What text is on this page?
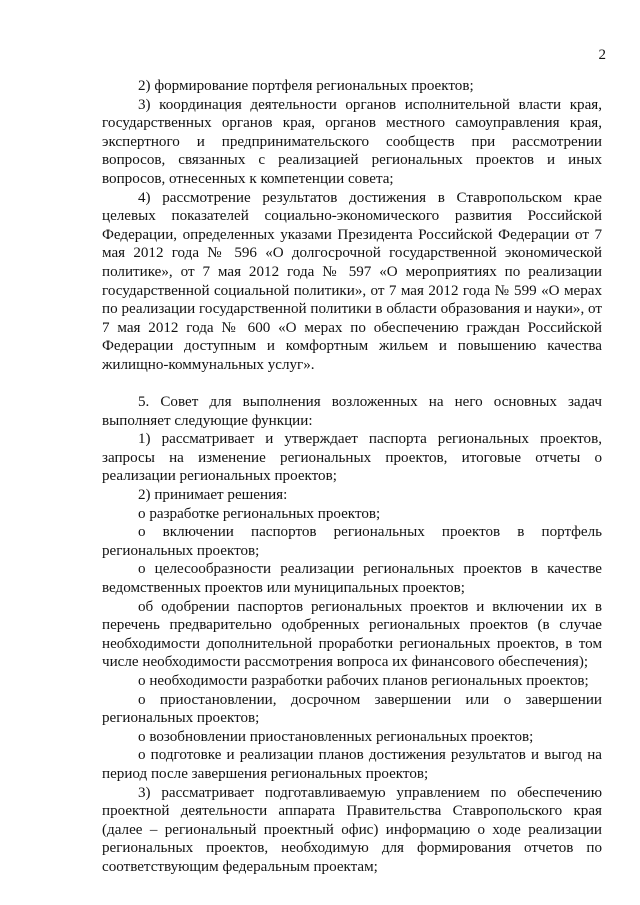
2

2) формирование портфеля региональных проектов;

3) координация деятельности органов исполнительной власти края, государственных органов края, органов местного самоуправления края, экспертного и предпринимательского сообществ при рассмотрении вопросов, связанных с реализацией региональных проектов и иных вопросов, отнесенных к компетенции совета;

4) рассмотрение результатов достижения в Ставропольском крае целевых показателей социально-экономического развития Российской Федерации, определенных указами Президента Российской Федерации от 7 мая 2012 года № 596 «О долгосрочной государственной экономической политике», от 7 мая 2012 года № 597 «О мероприятиях по реализации государственной социальной политики», от 7 мая 2012 года № 599 «О мерах по реализации государственной политики в области образования и науки», от 7 мая 2012 года № 600 «О мерах по обеспечению граждан Российской Федерации доступным и комфортным жильем и повышению качества жилищно-коммунальных услуг».

5. Совет для выполнения возложенных на него основных задач выполняет следующие функции:

1) рассматривает и утверждает паспорта региональных проектов, запросы на изменение региональных проектов, итоговые отчеты о реализации региональных проектов;

2) принимает решения:

о разработке региональных проектов;

о включении паспортов региональных проектов в портфель региональных проектов;

о целесообразности реализации региональных проектов в качестве ведомственных проектов или муниципальных проектов;

об одобрении паспортов региональных проектов и включении их в перечень предварительно одобренных региональных проектов (в случае необходимости дополнительной проработки региональных проектов, в том числе необходимости рассмотрения вопроса их финансового обеспечения);

о необходимости разработки рабочих планов региональных проектов;

о приостановлении, досрочном завершении или о завершении региональных проектов;

о возобновлении приостановленных региональных проектов;

о подготовке и реализации планов достижения результатов и выгод на период после завершения региональных проектов;

3) рассматривает подготавливаемую управлением по обеспечению проектной деятельности аппарата Правительства Ставропольского края (далее – региональный проектный офис) информацию о ходе реализации региональных проектов, необходимую для формирования отчетов по соответствующим федеральным проектам;
